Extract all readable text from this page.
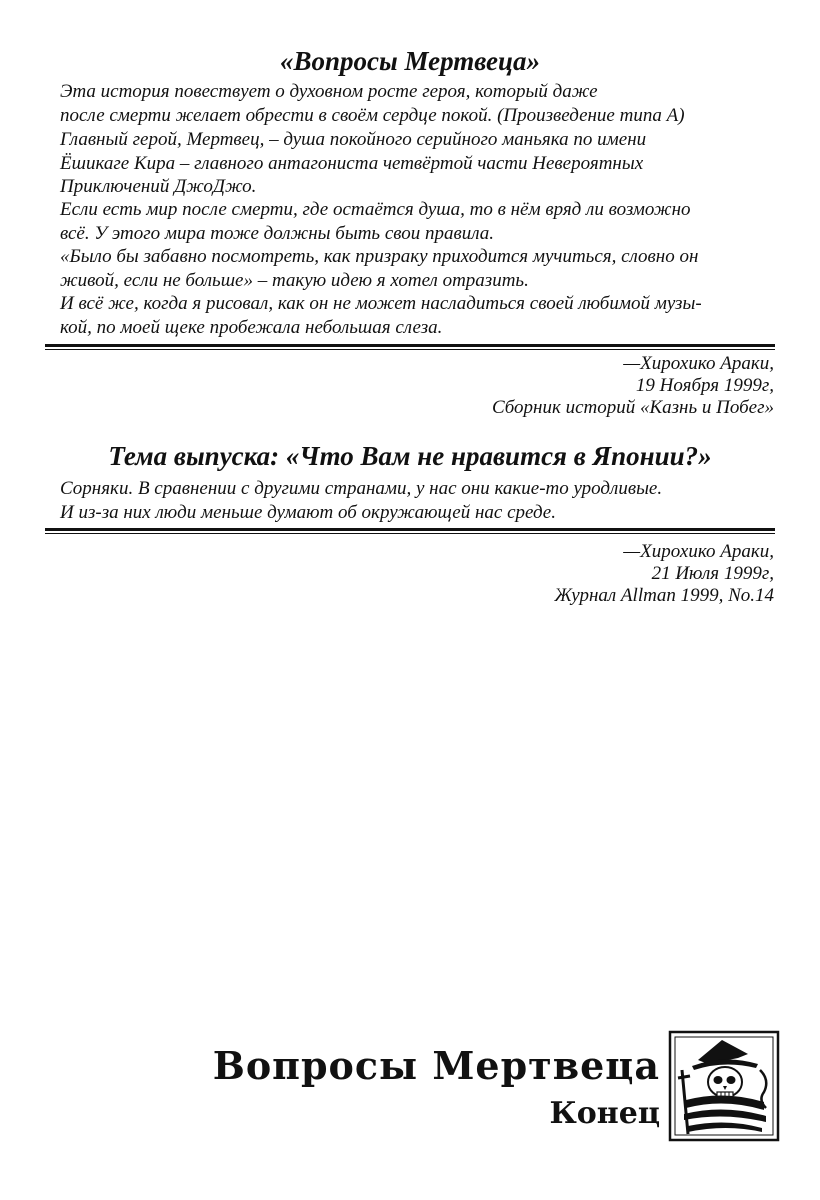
«Вопросы Мертвеца»

Эта история повествует о духовном росте героя, который даже
после смерти желает обрести в своём сердце покой. (Произведение типа А)

Главный герой, Мертвец, – душа покойного серийного маньяка по имени
Ёшикаге Кира – главного антагониста четвёртой части Невероятных
Приключений ДжоДжо.

Если есть мир после смерти, где остаётся душа, то в нём вряд ли возможно
всё. У этого мира тоже должны быть свои правила.

«Было бы забавно посмотреть, как призраку приходится мучиться, словно он
живой, если не больше» – такую идею я хотел отразить.

И всё же, когда я рисовал, как он не может насладиться своей любимой музы-
кой, по моей щеке пробежала небольшая слеза.

—Хирохико Араки,
19 Ноября 1999г,
Сборник историй «Казнь и Побег»
Тема выпуска: «Что Вам не нравится в Японии?»

Сорняки. В сравнении с другими странами, у нас они какие-то уродливые.
И из-за них люди меньше думают об окружающей нас среде.

—Хирохико Араки,
21 Июля 1999г,
Журнал Allman 1999, No.14
Вопросы Мертвеца
Конец
